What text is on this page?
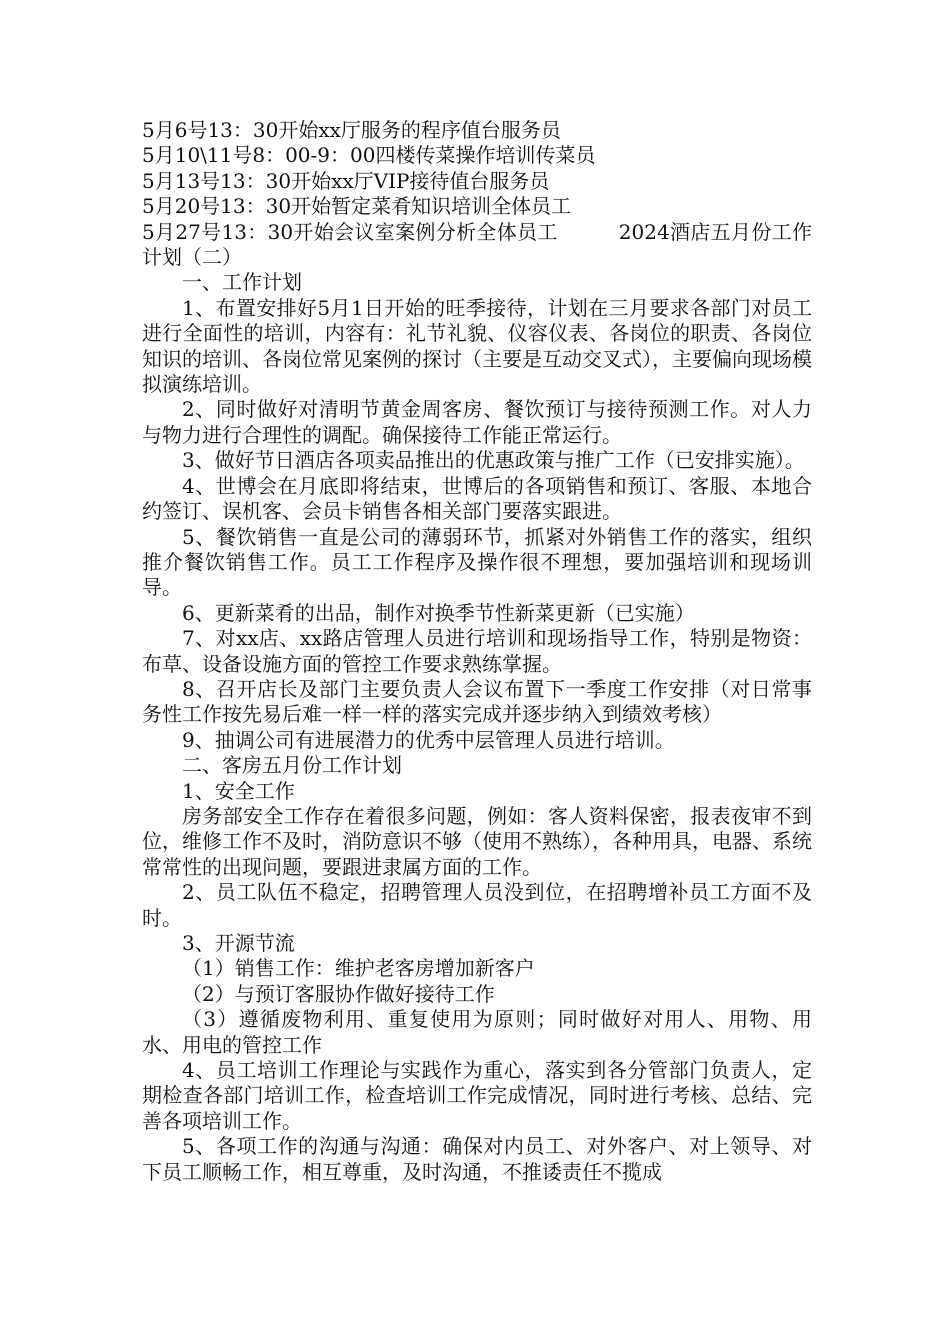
5月6号13：30开始xx厅服务的程序值台服务员

5月10\11号8：00-9：00四楼传菜操作培训传菜员

5月13号13：30开始xx厅VIP接待值台服务员

5月20号13：30开始暂定菜肴知识培训全体员工

5月27号13：30开始会议室案例分析全体员工　　　	2024酒店五月份工作计划（二）

一、工作计划

1、布置安排好5月1日开始的旺季接待，计划在三月要求各部门对员工进行全面性的培训，内容有：礼节礼貌、仪容仪表、各岗位的职责、各岗位知识的培训、各岗位常见案例的探讨（主要是互动交叉式），主要偏向现场模拟演练培训。

2、同时做好对清明节黄金周客房、餐饮预订与接待预测工作。对人力与物力进行合理性的调配。确保接待工作能正常运行。

3、做好节日酒店各项卖品推出的优惠政策与推广工作（已安排实施）。

4、世博会在月底即将结束，世博后的各项销售和预订、客服、本地合约签订、误机客、会员卡销售各相关部门要落实跟进。

5、餐饮销售一直是公司的薄弱环节，抓紧对外销售工作的落实，组织推介餐饮销售工作。员工工作程序及操作很不理想，要加强培训和现场训导。

6、更新菜肴的出品，制作对换季节性新菜更新（已实施）

7、对xx店、xx路店管理人员进行培训和现场指导工作，特别是物资：布草、设备设施方面的管控工作要求熟练掌握。

8、召开店长及部门主要负责人会议布置下一季度工作安排（对日常事务性工作按先易后难一样一样的落实完成并逐步纳入到绩效考核）

9、抽调公司有进展潜力的优秀中层管理人员进行培训。

二、客房五月份工作计划

1、安全工作

房务部安全工作存在着很多问题，例如：客人资料保密，报表夜审不到位，维修工作不及时，消防意识不够（使用不熟练），各种用具，电器、系统常常性的出现问题，要跟进隶属方面的工作。

2、员工队伍不稳定，招聘管理人员没到位，在招聘增补员工方面不及时。

3、开源节流

（1）销售工作：维护老客房增加新客户

（2）与预订客服协作做好接待工作

（3）遵循废物利用、重复使用为原则；同时做好对用人、用物、用水、用电的管控工作

4、员工培训工作理论与实践作为重心，落实到各分管部门负责人，定期检查各部门培训工作，检查培训工作完成情况，同时进行考核、总结、完善各项培训工作。

5、各项工作的沟通与沟通：确保对内员工、对外客户、对上领导、对下员工顺畅工作，相互尊重，及时沟通，不推诿责任不揽成
